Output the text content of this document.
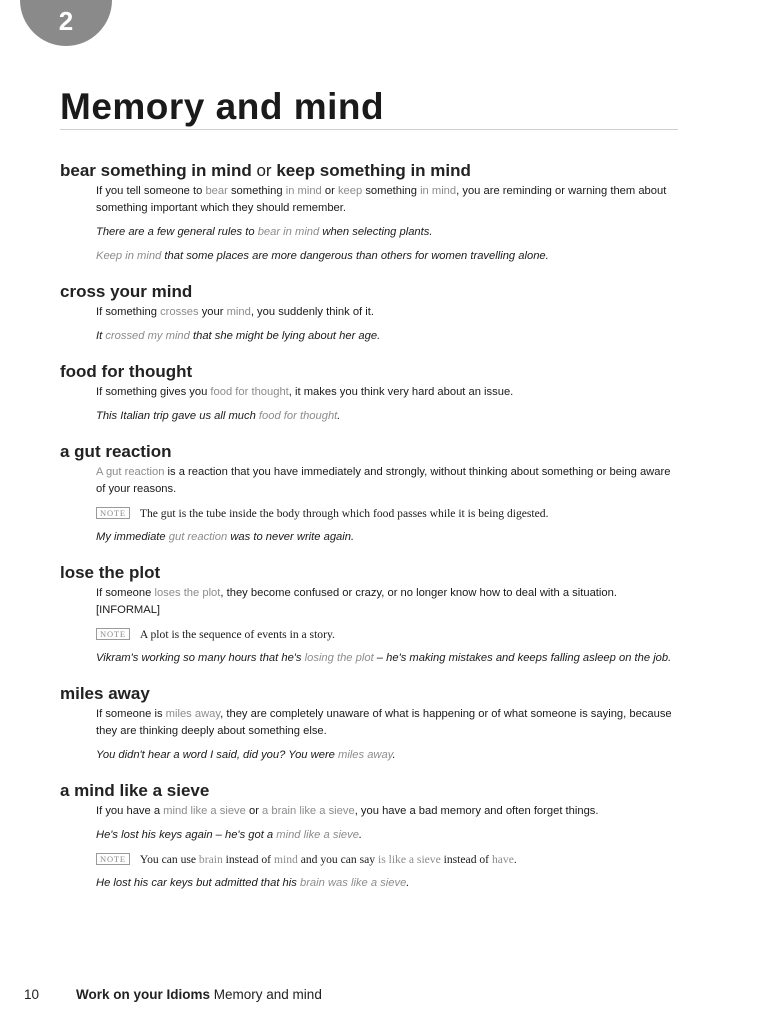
2
Memory and mind
bear something in mind or keep something in mind

If you tell someone to bear something in mind or keep something in mind, you are reminding or warning them about something important which they should remember.

There are a few general rules to bear in mind when selecting plants.

Keep in mind that some places are more dangerous than others for women travelling alone.

cross your mind

If something crosses your mind, you suddenly think of it.

It crossed my mind that she might be lying about her age.

food for thought

If something gives you food for thought, it makes you think very hard about an issue.

This Italian trip gave us all much food for thought.

a gut reaction

A gut reaction is a reaction that you have immediately and strongly, without thinking about something or being aware of your reasons.

NOTE The gut is the tube inside the body through which food passes while it is being digested.

My immediate gut reaction was to never write again.

lose the plot

If someone loses the plot, they become confused or crazy, or no longer know how to deal with a situation. [INFORMAL]

NOTE A plot is the sequence of events in a story.

Vikram's working so many hours that he's losing the plot – he's making mistakes and keeps falling asleep on the job.

miles away

If someone is miles away, they are completely unaware of what is happening or of what someone is saying, because they are thinking deeply about something else.

You didn't hear a word I said, did you? You were miles away.

a mind like a sieve

If you have a mind like a sieve or a brain like a sieve, you have a bad memory and often forget things.

He's lost his keys again – he's got a mind like a sieve.

NOTE You can use brain instead of mind and you can say is like a sieve instead of have.

He lost his car keys but admitted that his brain was like a sieve.

10	Work on your Idioms Memory and mind
